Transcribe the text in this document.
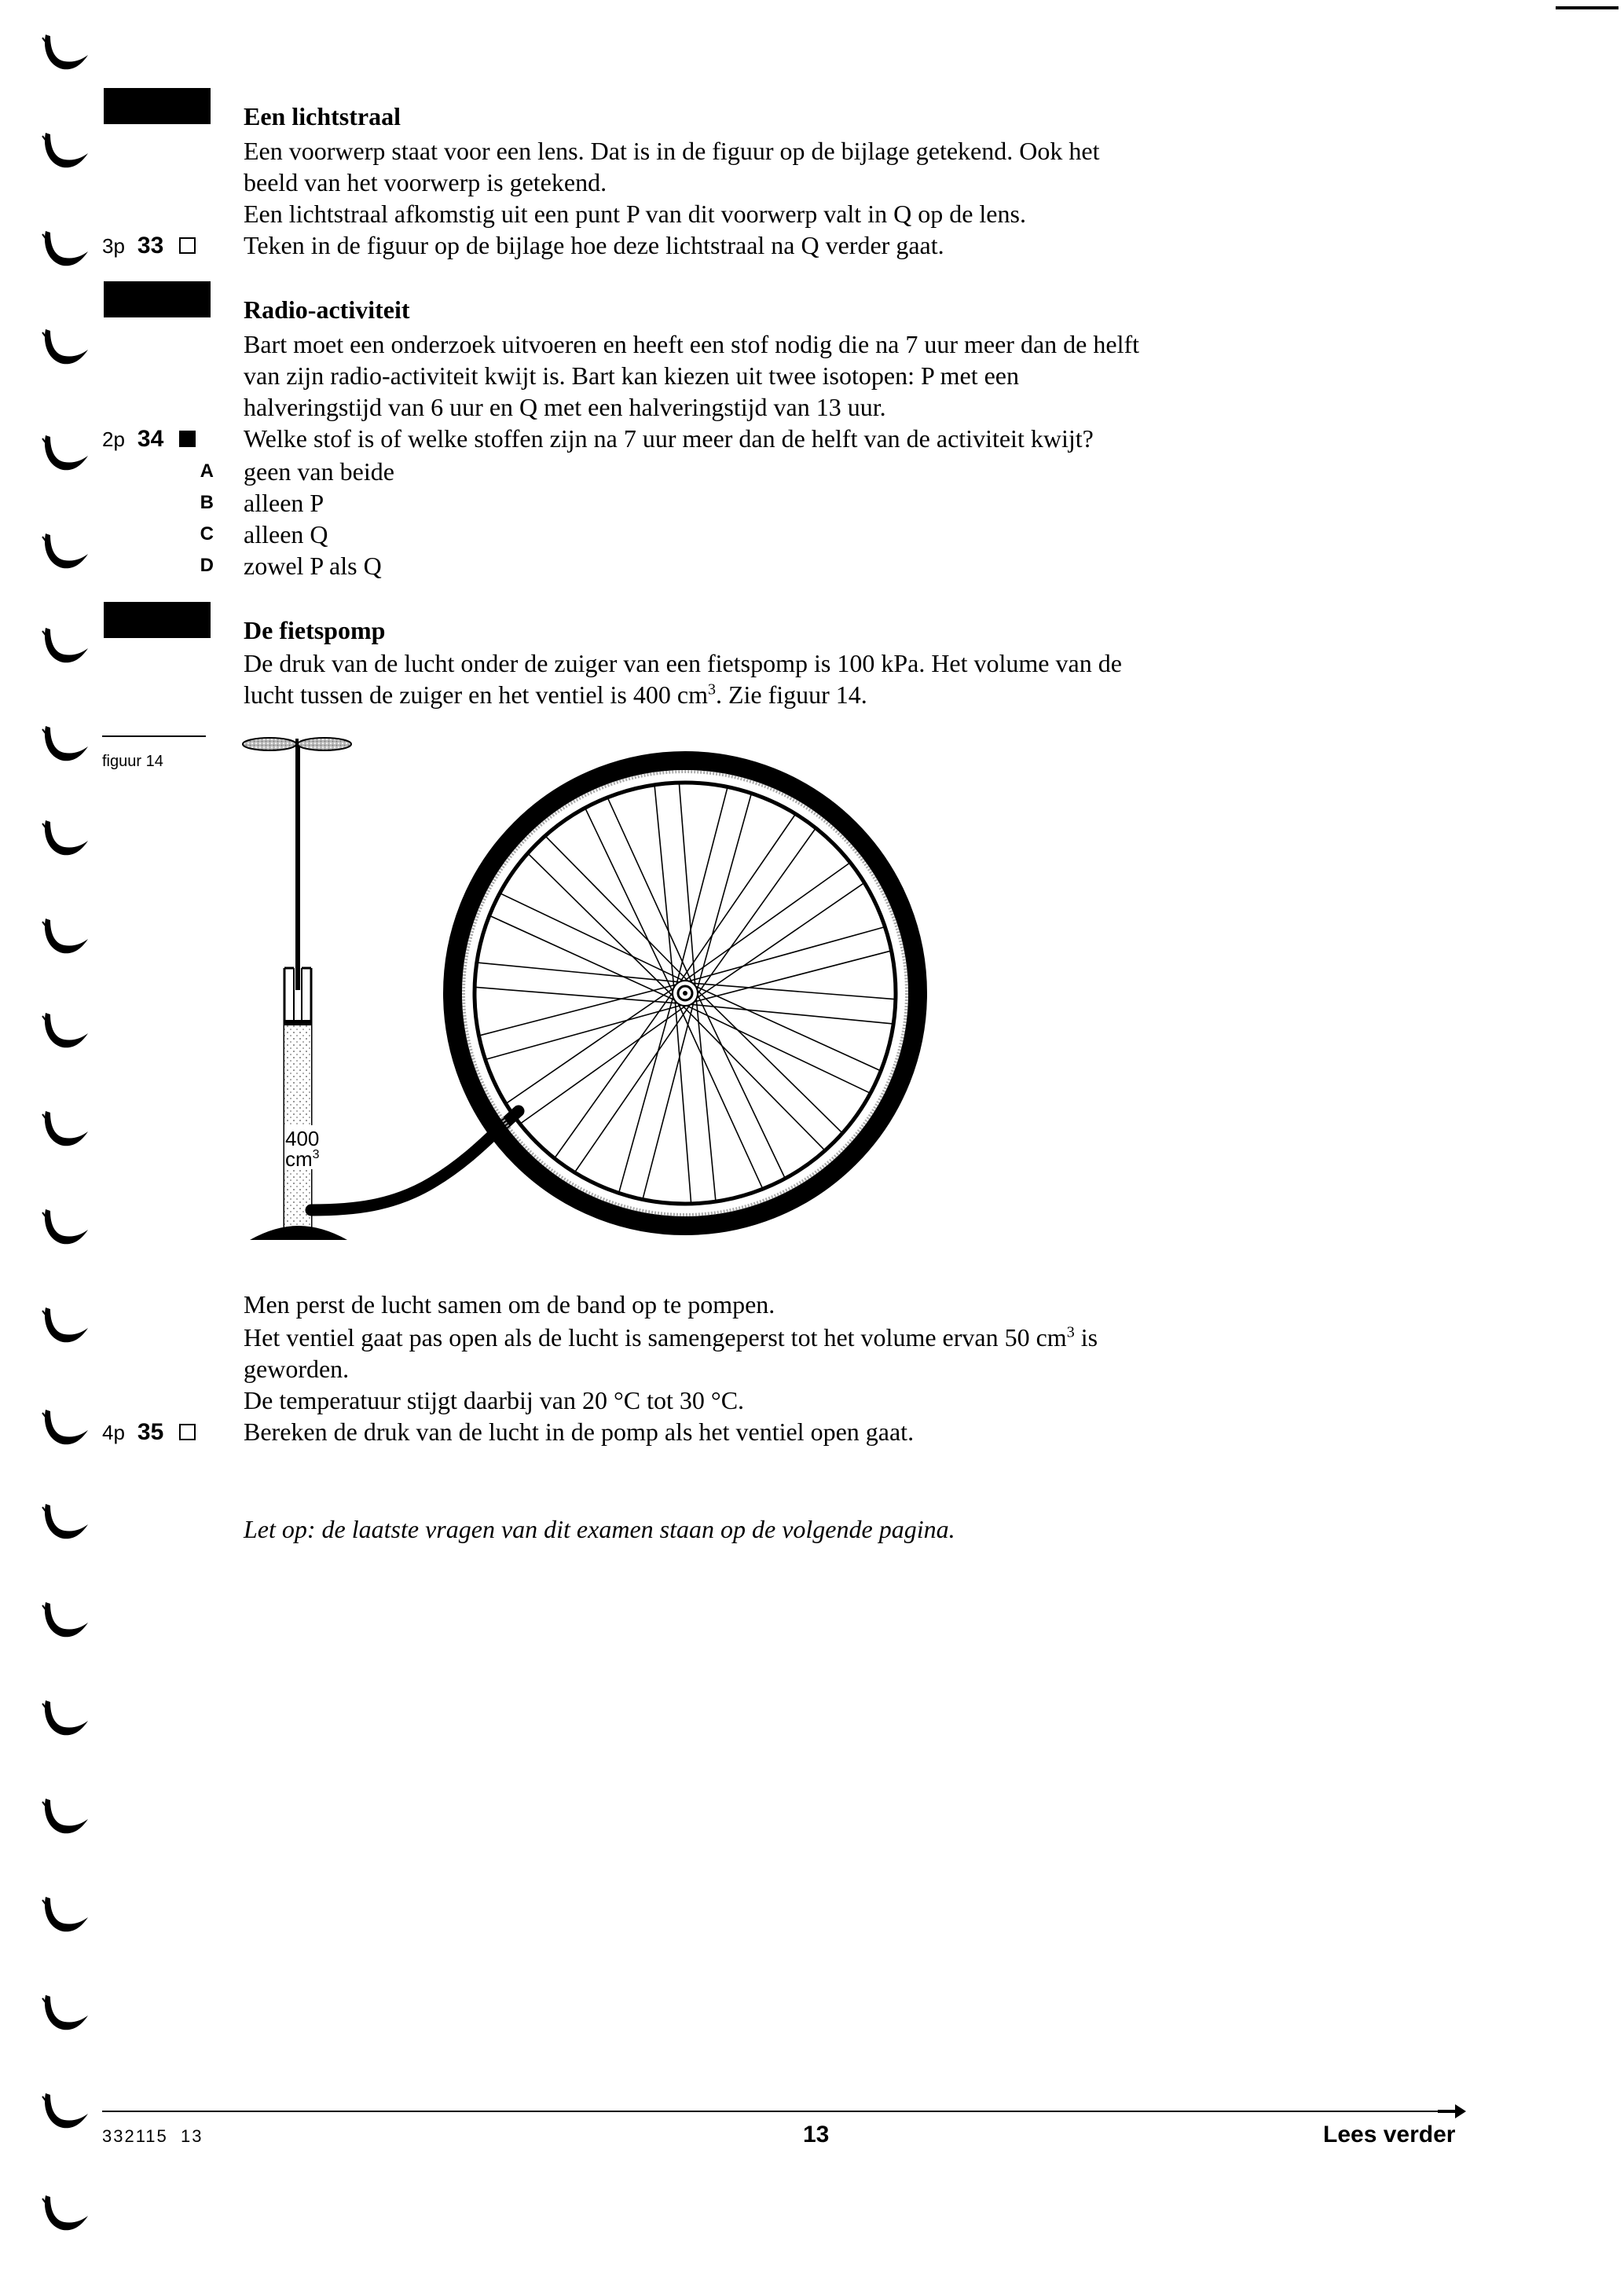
Een lichtstraal
Een voorwerp staat voor een lens. Dat is in de figuur op de bijlage getekend. Ook het
beeld van het voorwerp is getekend.
Een lichtstraal afkomstig uit een punt P van dit voorwerp valt in Q op de lens.
3p 33	Teken in de figuur op de bijlage hoe deze lichtstraal na Q verder gaat.
Radio-activiteit
Bart moet een onderzoek uitvoeren en heeft een stof nodig die na 7 uur meer dan de helft
van zijn radio-activiteit kwijt is. Bart kan kiezen uit twee isotopen: P met een
halveringstijd van 6 uur en Q met een halveringstijd van 13 uur.
2p 34	Welke stof is of welke stoffen zijn na 7 uur meer dan de helft van de activiteit kwijt?
A geen van beide
B alleen P
C alleen Q
D zowel P als Q
De fietspomp
De druk van de lucht onder de zuiger van een fietspomp is 100 kPa. Het volume van de
lucht tussen de zuiger en het ventiel is 400 $cm^3$. Zie figuur 14.
figuur 14
400
$cm^3$
Men perst de lucht samen om de band op te pompen.
Het ventiel gaat pas open als de lucht is samengeperst tot het volume ervan 50 $cm^3$ is
geworden.
De temperatuur stijgt daarbij van 20 °C tot 30 °C.
4p 35	Bereken de druk van de lucht in de pomp als het ventiel open gaat.
Let op: de laatste vragen van dit examen staan op de volgende pagina.
332115  13	13	Lees verder
